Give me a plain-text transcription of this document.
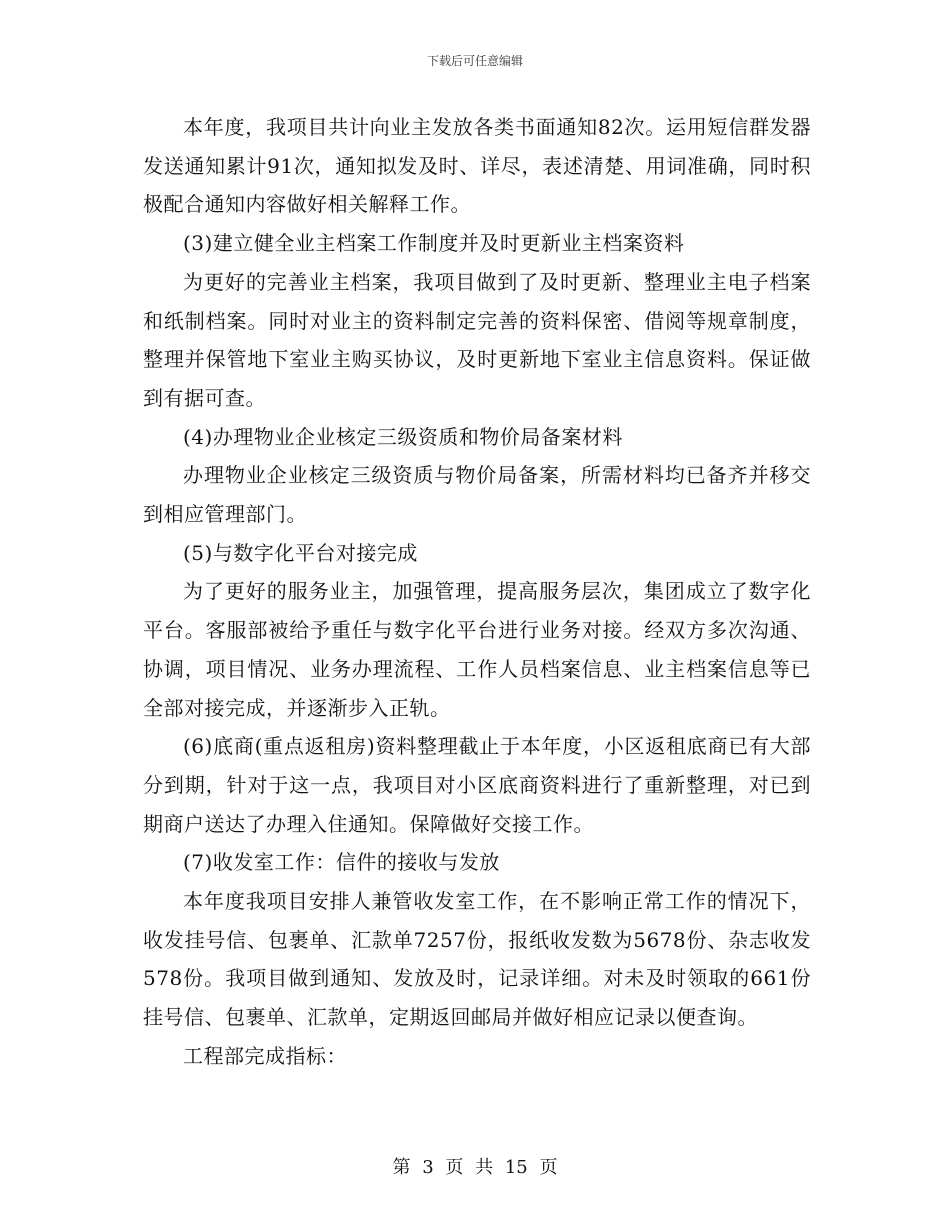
下载后可任意编辑

本年度，我项目共计向业主发放各类书面通知82次。运用短信群发器发送通知累计91次，通知拟发及时、详尽，表述清楚、用词准确，同时积极配合通知内容做好相关解释工作。

(3)建立健全业主档案工作制度并及时更新业主档案资料

为更好的完善业主档案，我项目做到了及时更新、整理业主电子档案和纸制档案。同时对业主的资料制定完善的资料保密、借阅等规章制度，整理并保管地下室业主购买协议，及时更新地下室业主信息资料。保证做到有据可查。

(4)办理物业企业核定三级资质和物价局备案材料

办理物业企业核定三级资质与物价局备案，所需材料均已备齐并移交到相应管理部门。

(5)与数字化平台对接完成

为了更好的服务业主，加强管理，提高服务层次，集团成立了数字化平台。客服部被给予重任与数字化平台进行业务对接。经双方多次沟通、协调，项目情况、业务办理流程、工作人员档案信息、业主档案信息等已全部对接完成，并逐渐步入正轨。

(6)底商(重点返租房)资料整理截止于本年度，小区返租底商已有大部分到期，针对于这一点，我项目对小区底商资料进行了重新整理，对已到期商户送达了办理入住通知。保障做好交接工作。

(7)收发室工作：信件的接收与发放

本年度我项目安排人兼管收发室工作，在不影响正常工作的情况下，收发挂号信、包裹单、汇款单7257份，报纸收发数为5678份、杂志收发578份。我项目做到通知、发放及时，记录详细。对未及时领取的661份挂号信、包裹单、汇款单，定期返回邮局并做好相应记录以便查询。

工程部完成指标：

第 3 页 共 15 页
